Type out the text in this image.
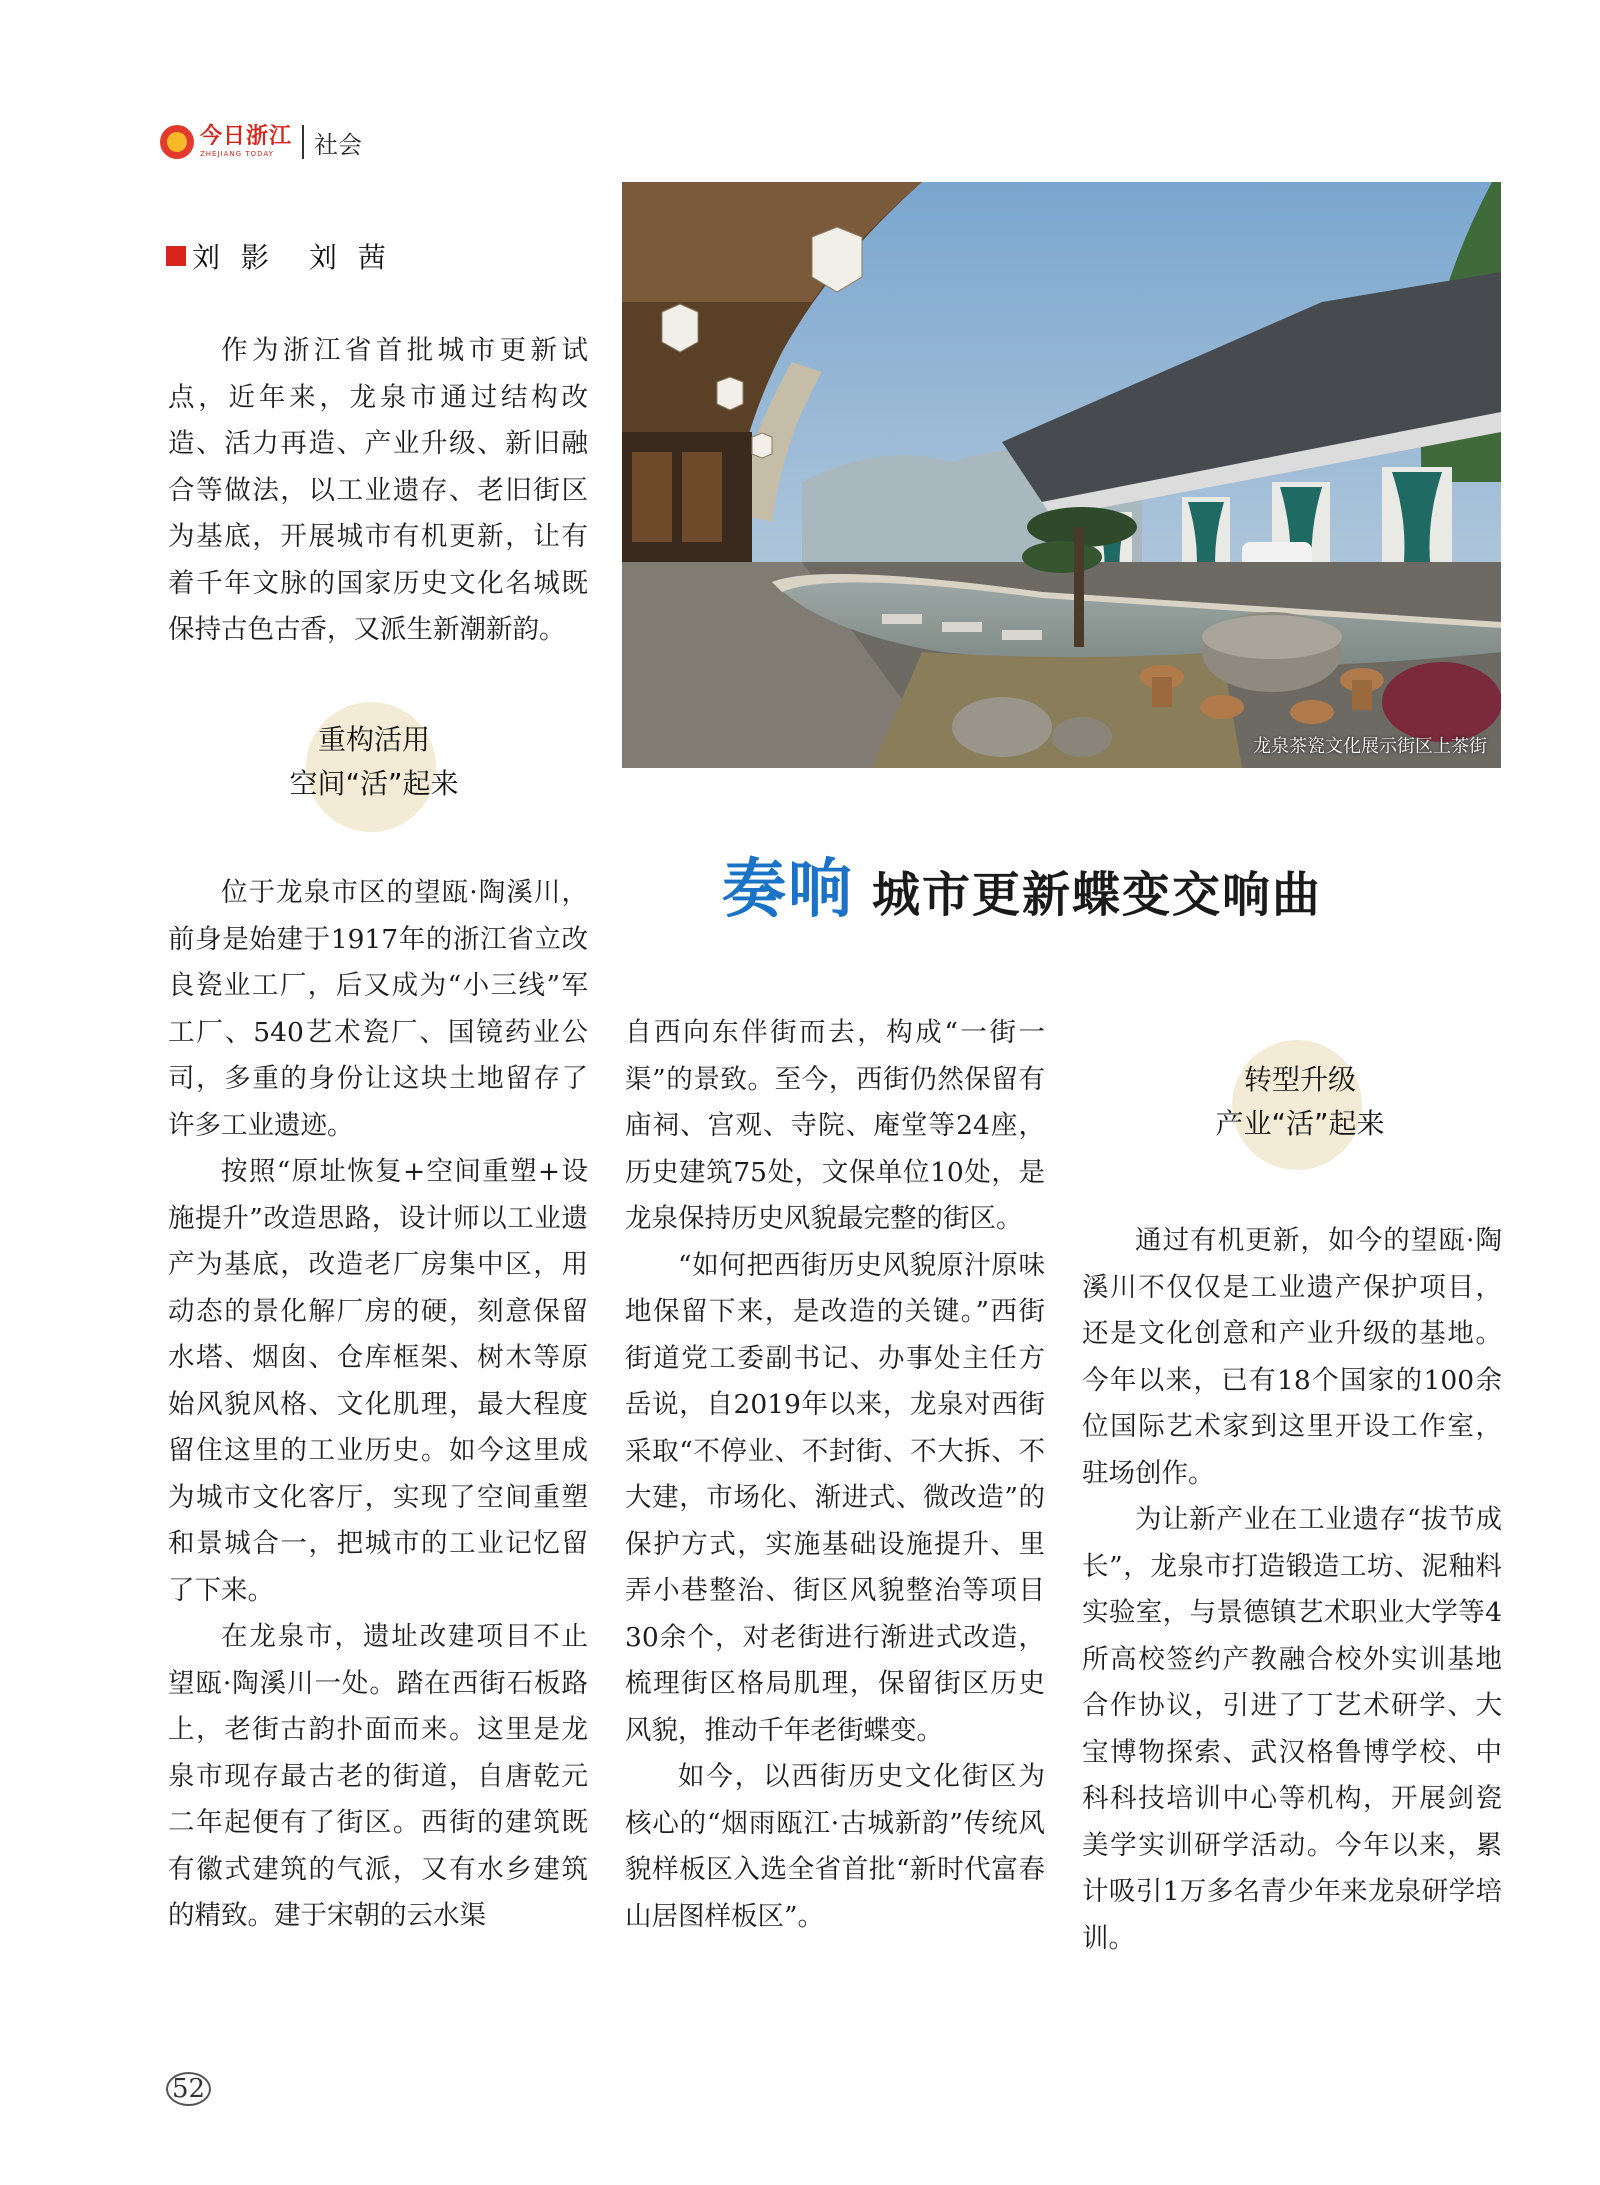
今日浙江
ZHEJIANG TODAY	社会
刘 影　刘 茜

作为浙江省首批城市更新试点，近年来，龙泉市通过结构改造、活力再造、产业升级、新旧融合等做法，以工业遗存、老旧街区为基底，开展城市有机更新，让有着千年文脉的国家历史文化名城既保持古色古香，又派生新潮新韵。

重构活用
空间“活”起来

位于龙泉市区的望瓯·陶溪川，前身是始建于1917年的浙江省立改良瓷业工厂，后又成为“小三线”军工厂、540艺术瓷厂、国镜药业公司，多重的身份让这块土地留存了许多工业遗迹。

按照“原址恢复+空间重塑+设施提升”改造思路，设计师以工业遗产为基底，改造老厂房集中区，用动态的景化解厂房的硬，刻意保留水塔、烟囱、仓库框架、树木等原始风貌风格、文化肌理，最大程度留住这里的工业历史。如今这里成为城市文化客厅，实现了空间重塑和景城合一，把城市的工业记忆留了下来。

在龙泉市，遗址改建项目不止望瓯·陶溪川一处。踏在西街石板路上，老街古韵扑面而来。这里是龙泉市现存最古老的街道，自唐乾元二年起便有了街区。西街的建筑既有徽式建筑的气派，又有水乡建筑的精致。建于宋朝的云水渠

龙泉茶瓷文化展示街区上茶街
奏响 城市更新蝶变交响曲

自西向东伴街而去，构成“一街一渠”的景致。至今，西街仍然保留有庙祠、宫观、寺院、庵堂等24座，历史建筑75处，文保单位10处，是龙泉保持历史风貌最完整的街区。

“如何把西街历史风貌原汁原味地保留下来，是改造的关键。”西街街道党工委副书记、办事处主任方岳说，自2019年以来，龙泉对西街采取“不停业、不封街、不大拆、不大建，市场化、渐进式、微改造”的保护方式，实施基础设施提升、里弄小巷整治、街区风貌整治等项目30余个，对老街进行渐进式改造，梳理街区格局肌理，保留街区历史风貌，推动千年老街蝶变。

如今，以西街历史文化街区为核心的“烟雨瓯江·古城新韵”传统风貌样板区入选全省首批“新时代富春山居图样板区”。

转型升级
产业“活”起来

通过有机更新，如今的望瓯·陶溪川不仅仅是工业遗产保护项目，还是文化创意和产业升级的基地。今年以来，已有18个国家的100余位国际艺术家到这里开设工作室，驻场创作。

为让新产业在工业遗存“拔节成长”，龙泉市打造锻造工坊、泥釉料实验室，与景德镇艺术职业大学等4所高校签约产教融合校外实训基地合作协议，引进了丁艺术研学、大宝博物探索、武汉格鲁博学校、中科科技培训中心等机构，开展剑瓷美学实训研学活动。今年以来，累计吸引1万多名青少年来龙泉研学培训。

52
